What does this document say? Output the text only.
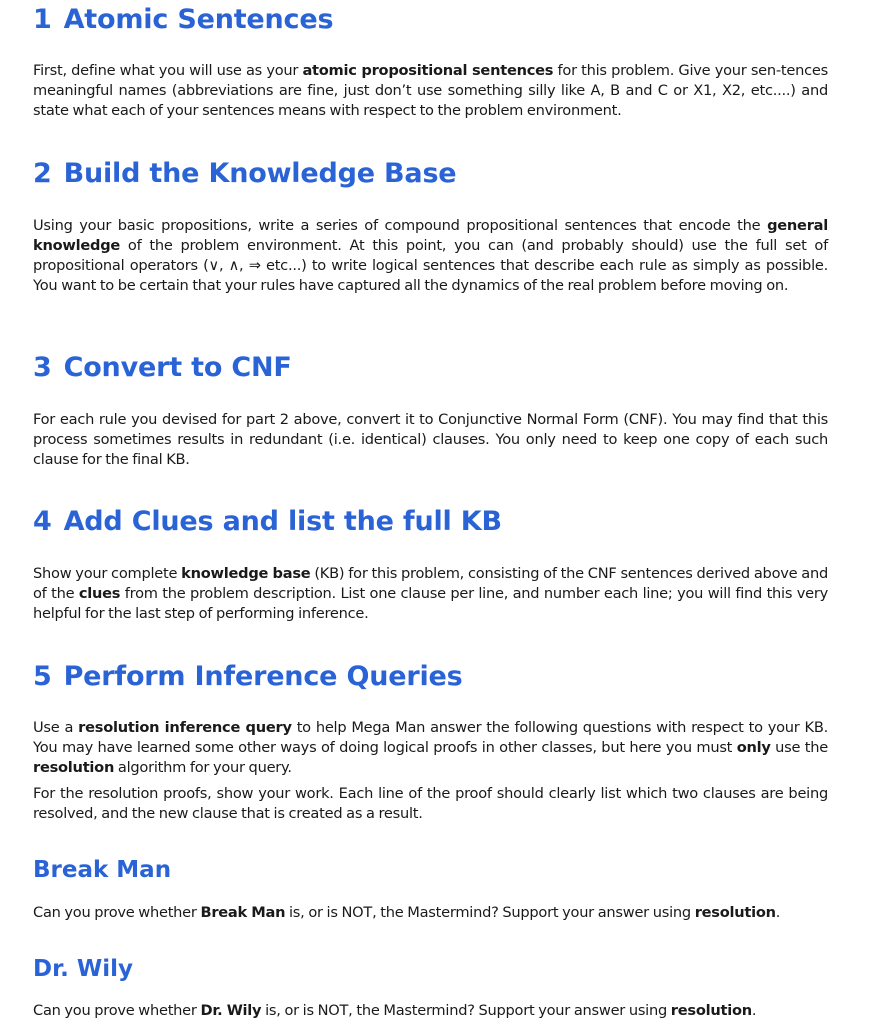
1 Atomic Sentences

First, define what you will use as your atomic propositional sentences for this problem. Give your sen-tences meaningful names (abbreviations are fine, just don’t use something silly like A, B and C or X1, X2, etc....) and state what each of your sentences means with respect to the problem environment.

2 Build the Knowledge Base

Using your basic propositions, write a series of compound propositional sentences that encode the general knowledge of the problem environment. At this point, you can (and probably should) use the full set of propositional operators (∨, ∧, ⇒ etc...) to write logical sentences that describe each rule as simply as possible. You want to be certain that your rules have captured all the dynamics of the real problem before moving on.

3 Convert to CNF

For each rule you devised for part 2 above, convert it to Conjunctive Normal Form (CNF). You may find that this process sometimes results in redundant (i.e. identical) clauses. You only need to keep one copy of each such clause for the final KB.

4 Add Clues and list the full KB

Show your complete knowledge base (KB) for this problem, consisting of the CNF sentences derived above and of the clues from the problem description. List one clause per line, and number each line; you will find this very helpful for the last step of performing inference.

5 Perform Inference Queries

Use a resolution inference query to help Mega Man answer the following questions with respect to your KB. You may have learned some other ways of doing logical proofs in other classes, but here you must only use the resolution algorithm for your query.

For the resolution proofs, show your work. Each line of the proof should clearly list which two clauses are being resolved, and the new clause that is created as a result.

Break Man

Can you prove whether Break Man is, or is NOT, the Mastermind? Support your answer using resolution.

Dr. Wily

Can you prove whether Dr. Wily is, or is NOT, the Mastermind? Support your answer using resolution.
